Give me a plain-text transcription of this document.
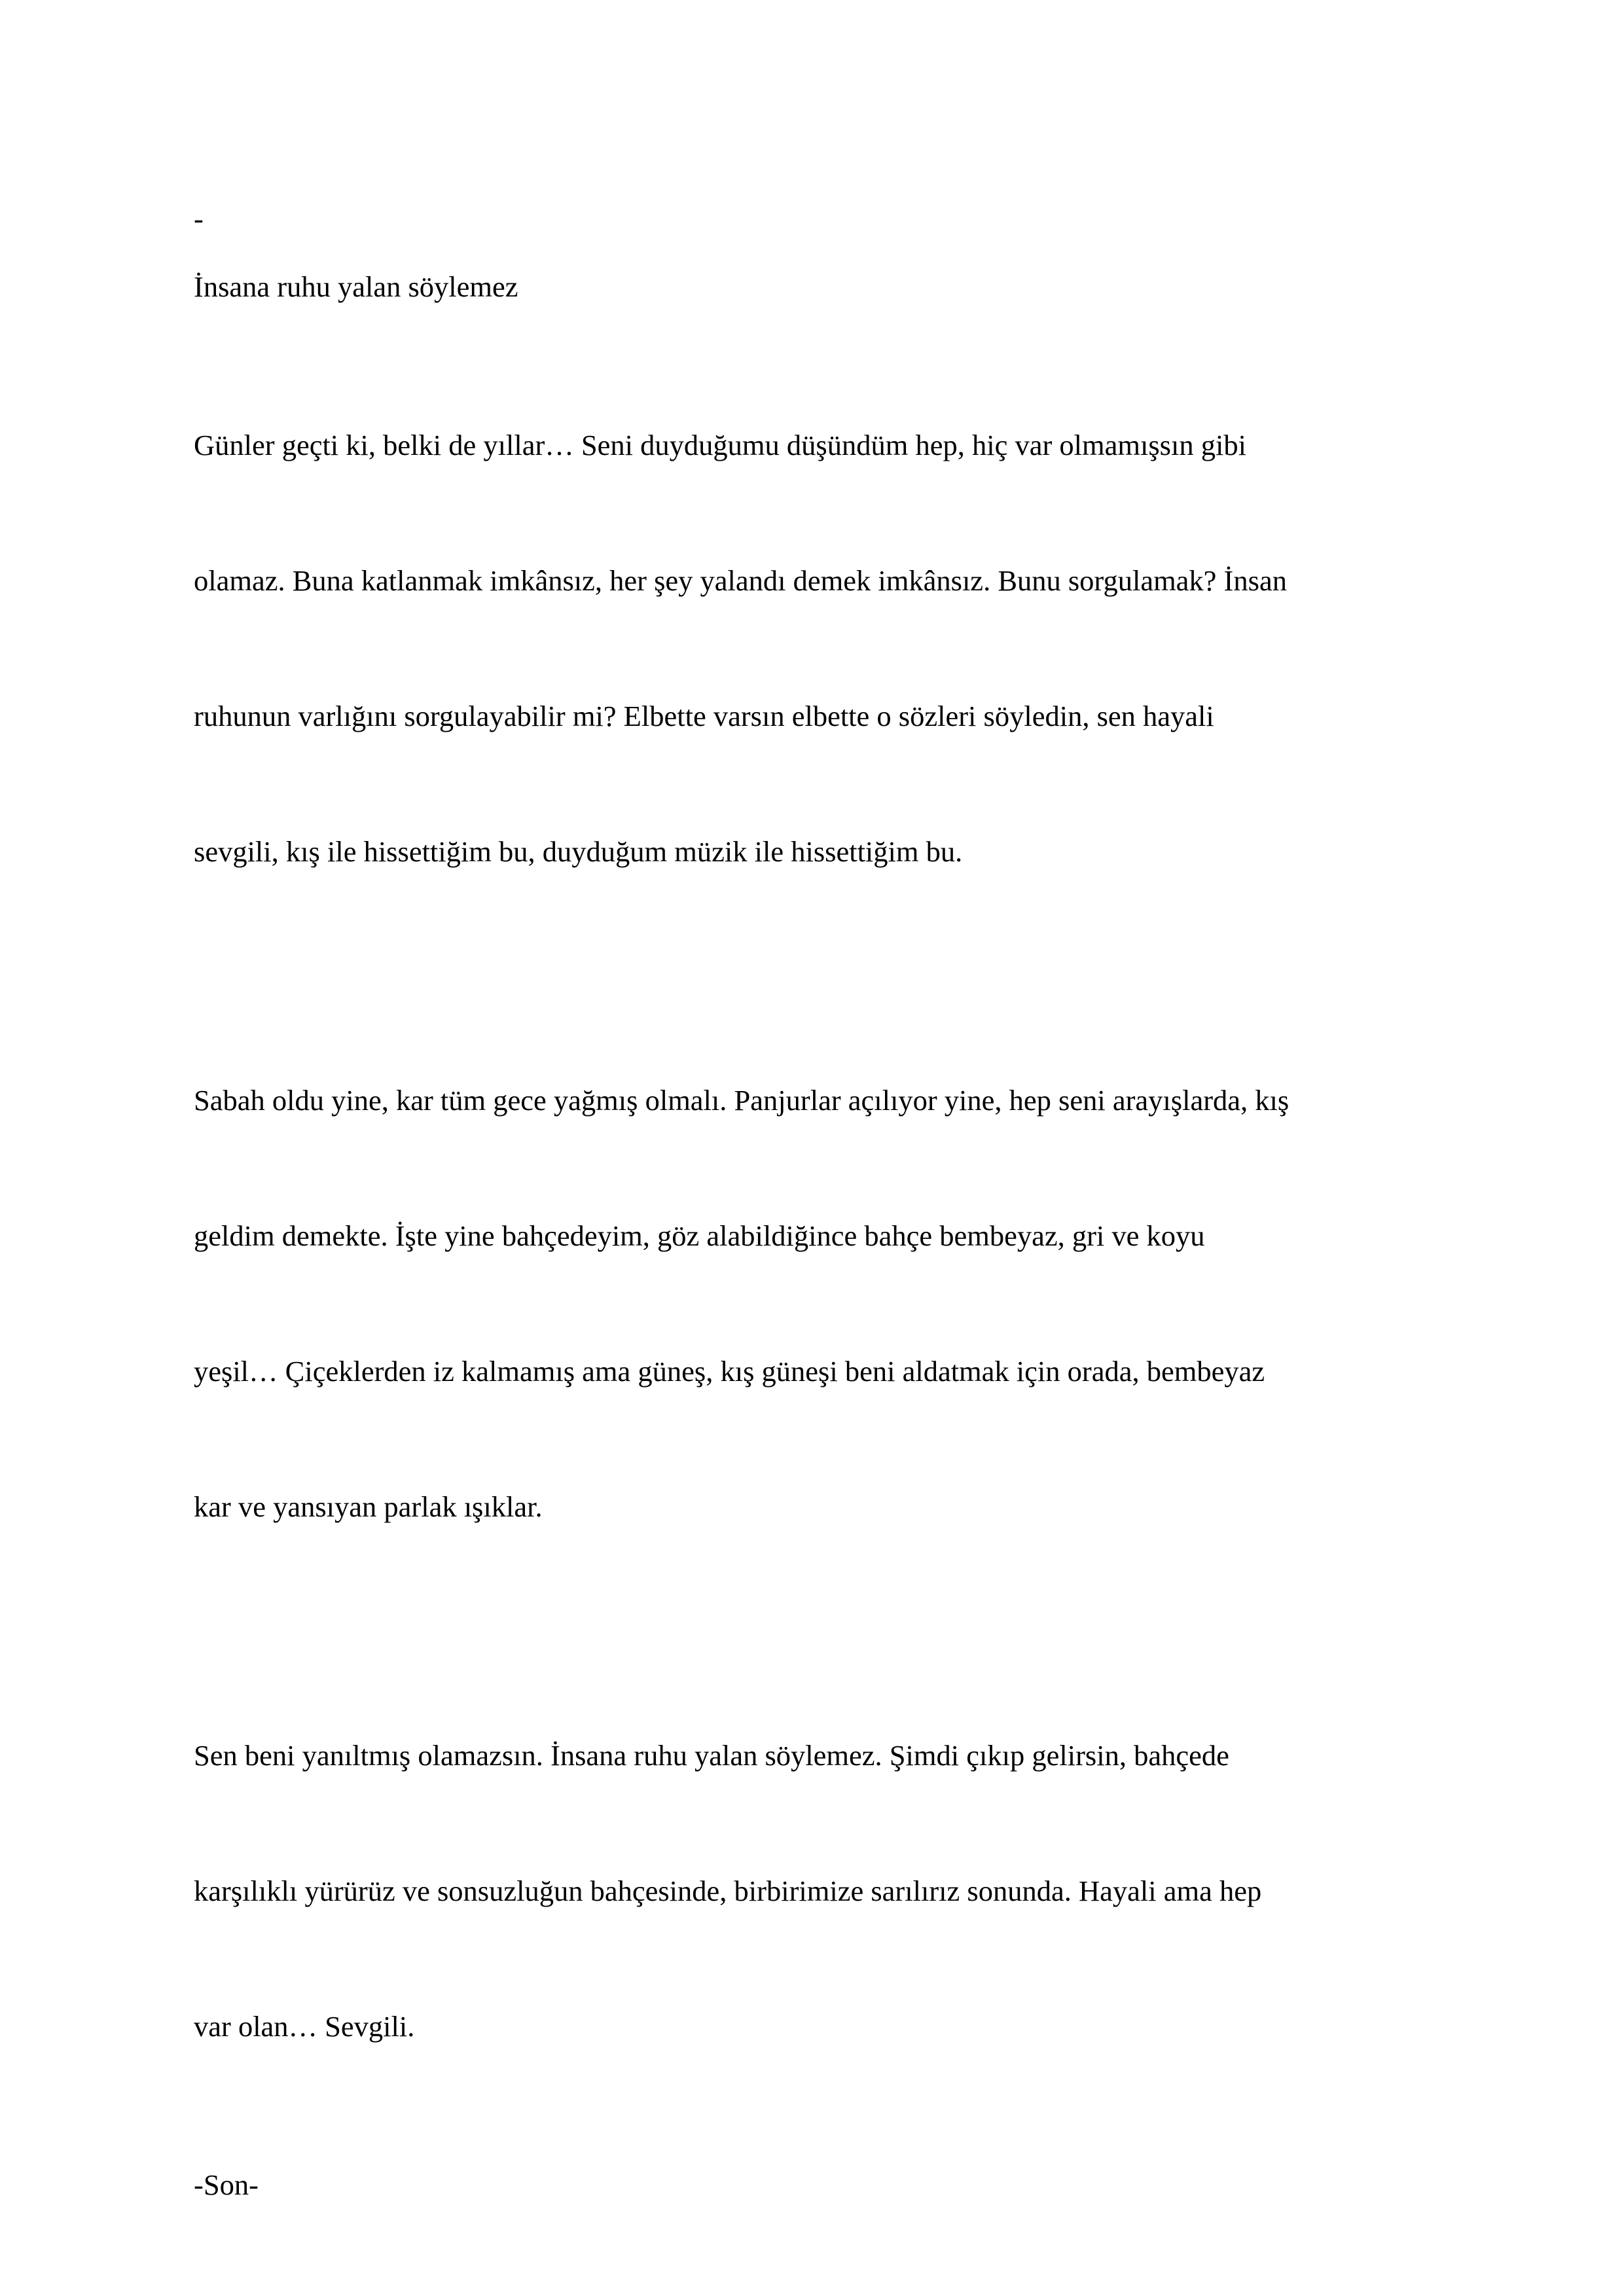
-

İnsana ruhu yalan söylemez

Günler geçti ki, belki de yıllar… Seni duyduğumu düşündüm hep, hiç var olmamışsın gibi

olamaz. Buna katlanmak imkânsız, her şey yalandı demek imkânsız. Bunu sorgulamak? İnsan

ruhunun varlığını sorgulayabilir mi? Elbette varsın elbette o sözleri söyledin, sen hayali

sevgili, kış ile hissettiğim bu, duyduğum müzik ile hissettiğim bu.

Sabah oldu yine, kar tüm gece yağmış olmalı. Panjurlar açılıyor yine, hep seni arayışlarda, kış

geldim demekte. İşte yine bahçedeyim, göz alabildiğince bahçe bembeyaz, gri ve koyu

yeşil… Çiçeklerden iz kalmamış ama güneş, kış güneşi beni aldatmak için orada, bembeyaz

kar ve yansıyan parlak ışıklar.

Sen beni yanıltmış olamazsın. İnsana ruhu yalan söylemez. Şimdi çıkıp gelirsin, bahçede

karşılıklı yürürüz ve sonsuzluğun bahçesinde, birbirimize sarılırız sonunda. Hayali ama hep

var olan… Sevgili.

-Son-
